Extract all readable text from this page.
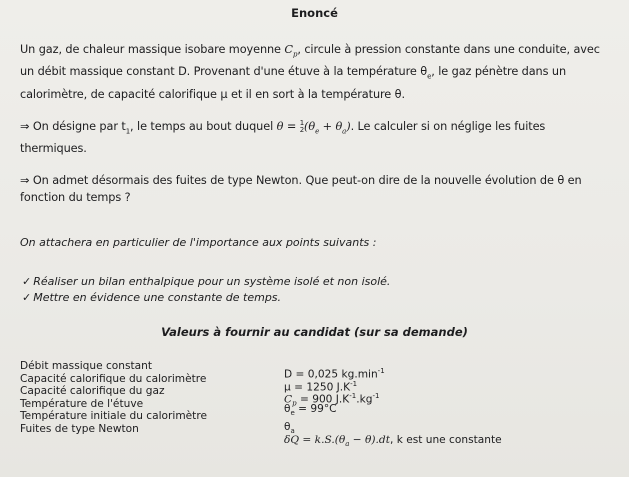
Enoncé
Un gaz, de chaleur massique isobare moyenne $C_p$, circule à pression constante dans une conduite, avec un débit massique constant D. Provenant d'une étuve à la température $\theta_e$, le gaz pénètre dans un calorimètre, de capacité calorifique μ et il en sort à la température θ.
⇒ On désigne par $t_1$, le temps au bout duquel θ = 1
$2(\theta_e + \theta_a)$. Le calculer si on néglige les fuites thermiques.
⇒ On admet désormais des fuites de type Newton. Que peut-on dire de la nouvelle évolution de θ en fonction du temps ?
On attachera en particulier de l'importance aux points suivants :
✓ Réaliser un bilan enthalpique pour un système isolé et non isolé.
✓ Mettre en évidence une constante de temps.
Valeurs à fournir au candidat (sur sa demande)
Débit massique constant
Capacité calorifique du calorimètre
Capacité calorifique du gaz
Température de l'étuve
Température initiale du calorimètre
Fuites de type Newton
D = 0,025 $kg.\min^{-1}$
μ = 1250 $J.K^{-1}$
$C_p = 900$ $J.K^{-1}.kg^{-1}$
$\theta_e = 99^\circ C$
$\theta_a$
$\delta Q = k.S.(\theta_a - \theta).dt$, k est une constante
